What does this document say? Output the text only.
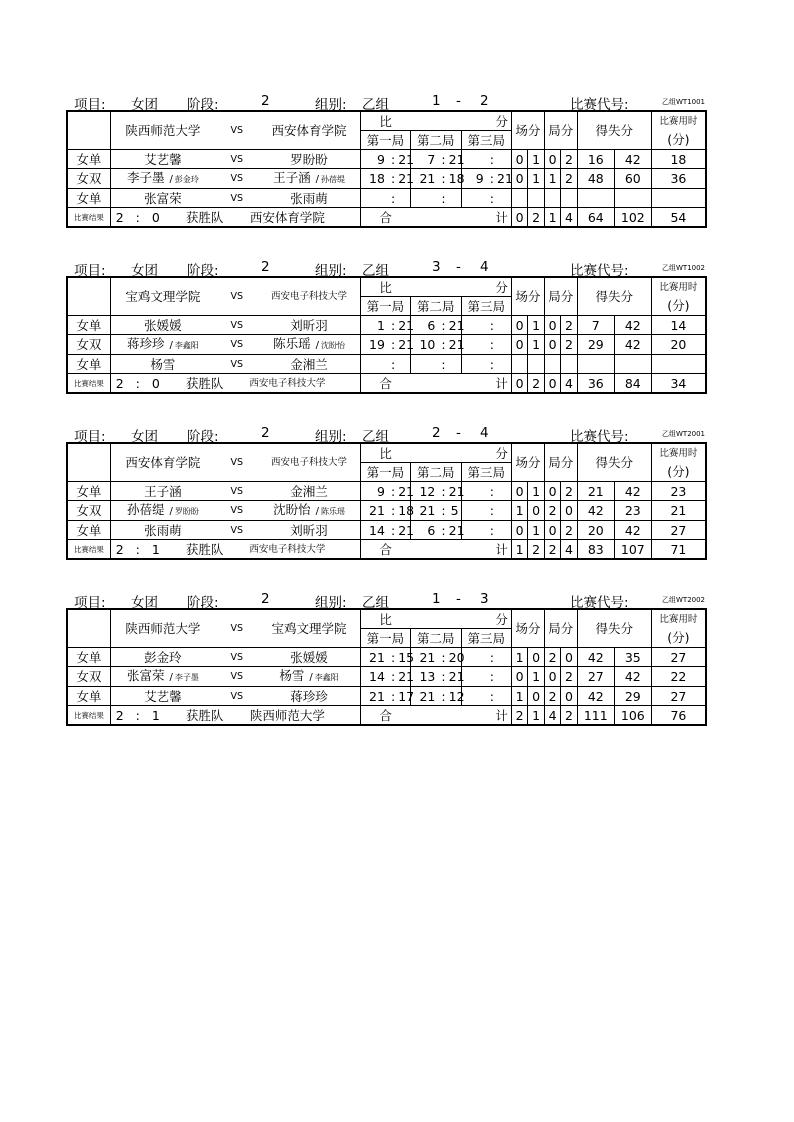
项目: 女团 阶段:	2	组别: 乙组	1 - 2	比赛代号:	乙组WT1001
	陕西师范大学	VS	西安体育学院	比						分			场分		局分		得失分		比赛用时
(分)

				第一局			第二局			第三局									
女单	艾艺馨	VS	罗盼盼	9	:	21	7	:	21		:		0	1	0	2	16	42	18
女双	李子墨 / 彭金玲	VS	王子涵 / 孙蓓缇	18	:	21	21	:	18	9	:	21	0	1	1	2	48	60	36
女单	张富荣	VS	张雨萌		:			:			:								
比赛结果	2 : 0 获胜队	西安体育学院		合						计			0	2	1	4	64	102	54
项目: 女团 阶段:	2	组别: 乙组	3 - 4	比赛代号:	乙组WT1002
	宝鸡文理学院	VS	西安电子科技大学	比						分			场分		局分		得失分		比赛用时
(分)

				第一局			第二局			第三局									
女单	张媛媛	VS	刘昕羽	1	:	21	6	:	21		:		0	1	0	2	7	42	14
女双	蒋珍珍 / 李鑫阳	VS	陈乐瑶 / 沈盼怡	19	:	21	10	:	21		:		0	1	0	2	29	42	20
女单	杨雪	VS	金湘兰		:			:			:								
比赛结果	2 : 0 获胜队	西安电子科技大学		合						计			0	2	0	4	36	84	34
项目: 女团 阶段:	2	组别: 乙组	2 - 4	比赛代号:	乙组WT2001
	西安体育学院	VS	西安电子科技大学	比						分			场分		局分		得失分		比赛用时
(分)

				第一局			第二局			第三局									
女单	王子涵	VS	金湘兰	9	:	21	12	:	21		:		0	1	0	2	21	42	23
女双	孙蓓缇 / 罗盼盼	VS	沈盼怡 / 陈乐瑶	21	:	18	21	:	5		:		1	0	2	0	42	23	21
女单	张雨萌	VS	刘昕羽	14	:	21	6	:	21		:		0	1	0	2	20	42	27
比赛结果	2 : 1 获胜队	西安电子科技大学		合						计			1	2	2	4	83	107	71
项目: 女团 阶段:	2	组别: 乙组	1 - 3	比赛代号:	乙组WT2002
	陕西师范大学	VS	宝鸡文理学院	比						分			场分		局分		得失分		比赛用时
(分)

				第一局			第二局			第三局									
女单	彭金玲	VS	张媛媛	21	:	15	21	:	20		:		1	0	2	0	42	35	27
女双	张富荣 / 李子墨	VS	杨雪 / 李鑫阳	14	:	21	13	:	21		:		0	1	0	2	27	42	22
女单	艾艺馨	VS	蒋珍珍	21	:	17	21	:	12		:		1	0	2	0	42	29	27
比赛结果	2 : 1 获胜队	陕西师范大学		合						计			2	1	4	2	111	106	76
